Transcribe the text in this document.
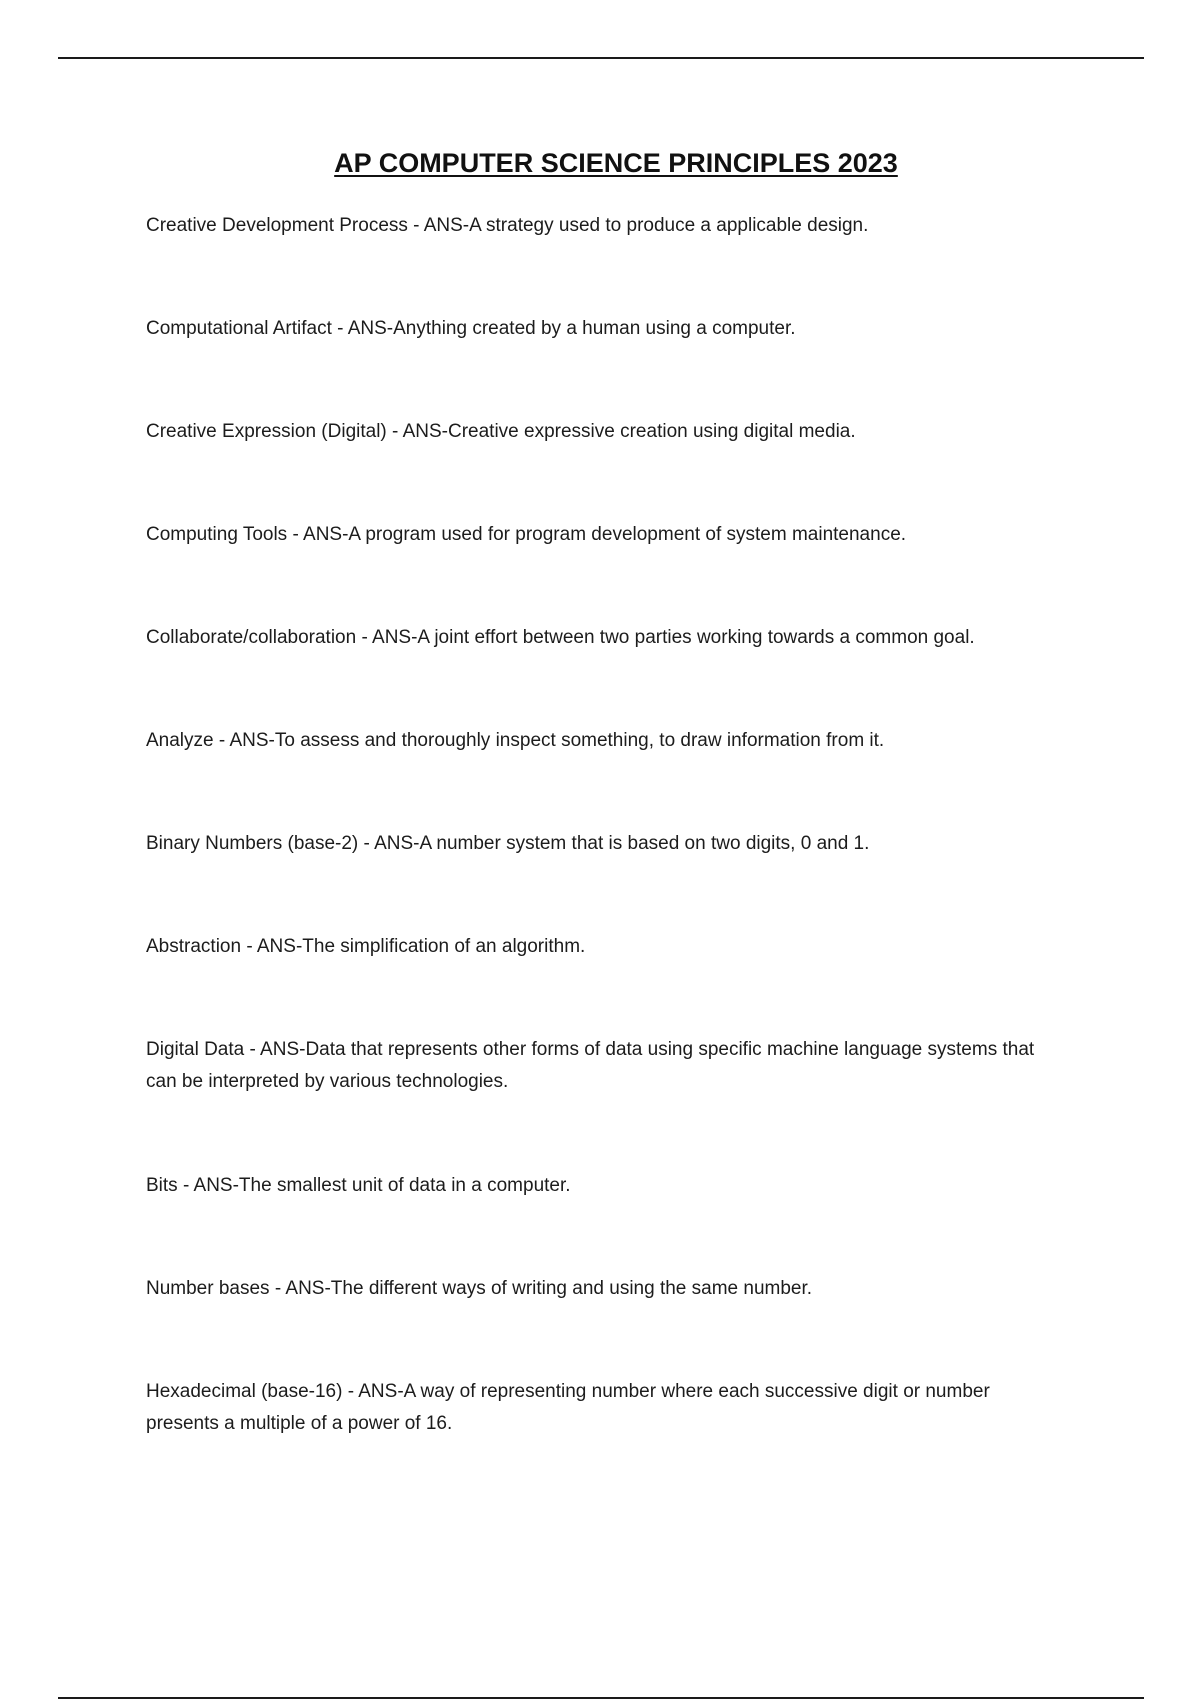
AP COMPUTER SCIENCE PRINCIPLES 2023
Creative Development Process - ANS-A strategy used to produce a applicable design.
Computational Artifact - ANS-Anything created by a human using a computer.
Creative Expression (Digital) - ANS-Creative expressive creation using digital media.
Computing Tools - ANS-A program used for program development of system maintenance.
Collaborate/collaboration - ANS-A joint effort between two parties working towards a common goal.
Analyze - ANS-To assess and thoroughly inspect something, to draw information from it.
Binary Numbers (base-2) - ANS-A number system that is based on two digits, 0 and 1.
Abstraction - ANS-The simplification of an algorithm.
Digital Data - ANS-Data that represents other forms of data using specific machine language systems that can be interpreted by various technologies.
Bits - ANS-The smallest unit of data in a computer.
Number bases - ANS-The different ways of writing and using the same number.
Hexadecimal (base-16) - ANS-A way of representing number where each successive digit or number presents a multiple of a power of 16.
